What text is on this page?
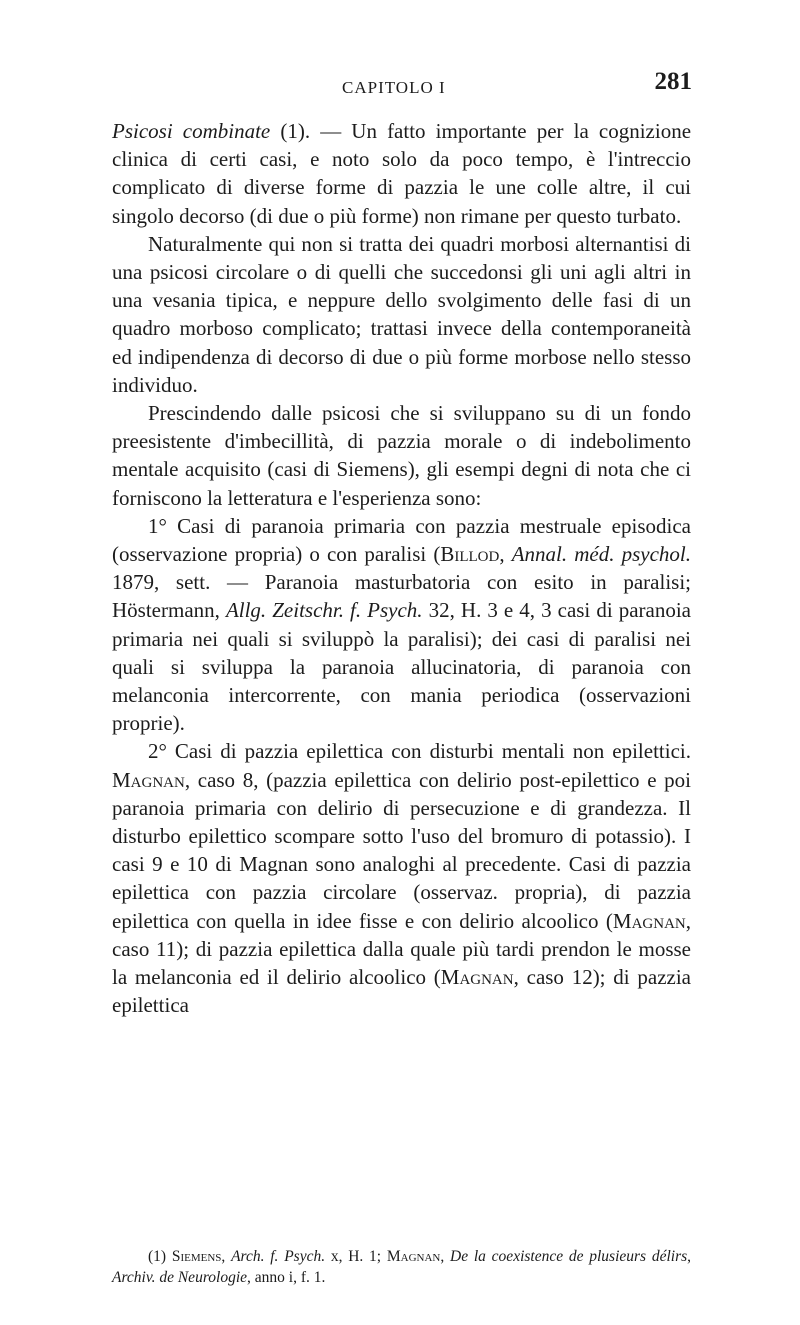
CAPITOLO I	281

Psicosi combinate (1). — Un fatto importante per la cognizione clinica di certi casi, e noto solo da poco tempo, è l'intreccio complicato di diverse forme di pazzia le une colle altre, il cui singolo decorso (di due o più forme) non rimane per questo turbato.

Naturalmente qui non si tratta dei quadri morbosi alternantisi di una psicosi circolare o di quelli che succedonsi gli uni agli altri in una vesania tipica, e neppure dello svolgimento delle fasi di un quadro morboso complicato; trattasi invece della contemporaneità ed indipendenza di decorso di due o più forme morbose nello stesso individuo.

Prescindendo dalle psicosi che si sviluppano su di un fondo preesistente d'imbecillità, di pazzia morale o di indebolimento mentale acquisito (casi di Siemens), gli esempi degni di nota che ci forniscono la letteratura e l'esperienza sono:

1° Casi di paranoia primaria con pazzia mestruale episodica (osservazione propria) o con paralisi (Billod, Annal. méd. psychol. 1879, sett. — Paranoia masturbatoria con esito in paralisi; Höstermann, Allg. Zeitschr. f. Psych. 32, H. 3 e 4, 3 casi di paranoia primaria nei quali si sviluppò la paralisi); dei casi di paralisi nei quali si sviluppa la paranoia allucinatoria, di paranoia con melanconia intercorrente, con mania periodica (osservazioni proprie).

2° Casi di pazzia epilettica con disturbi mentali non epilettici. Magnan, caso 8, (pazzia epilettica con delirio post-epilettico e poi paranoia primaria con delirio di persecuzione e di grandezza. Il disturbo epilettico scompare sotto l'uso del bromuro di potassio). I casi 9 e 10 di Magnan sono analoghi al precedente. Casi di pazzia epilettica con pazzia circolare (osservaz. propria), di pazzia epilettica con quella in idee fisse e con delirio alcoolico (Magnan, caso 11); di pazzia epilettica dalla quale più tardi prendon le mosse la melanconia ed il delirio alcoolico (Magnan, caso 12); di pazzia epilettica

(1) Siemens, Arch. f. Psych. x, H. 1; Magnan, De la coexistence de plusieurs délirs, Archiv. de Neurologie, anno i, f. 1.
